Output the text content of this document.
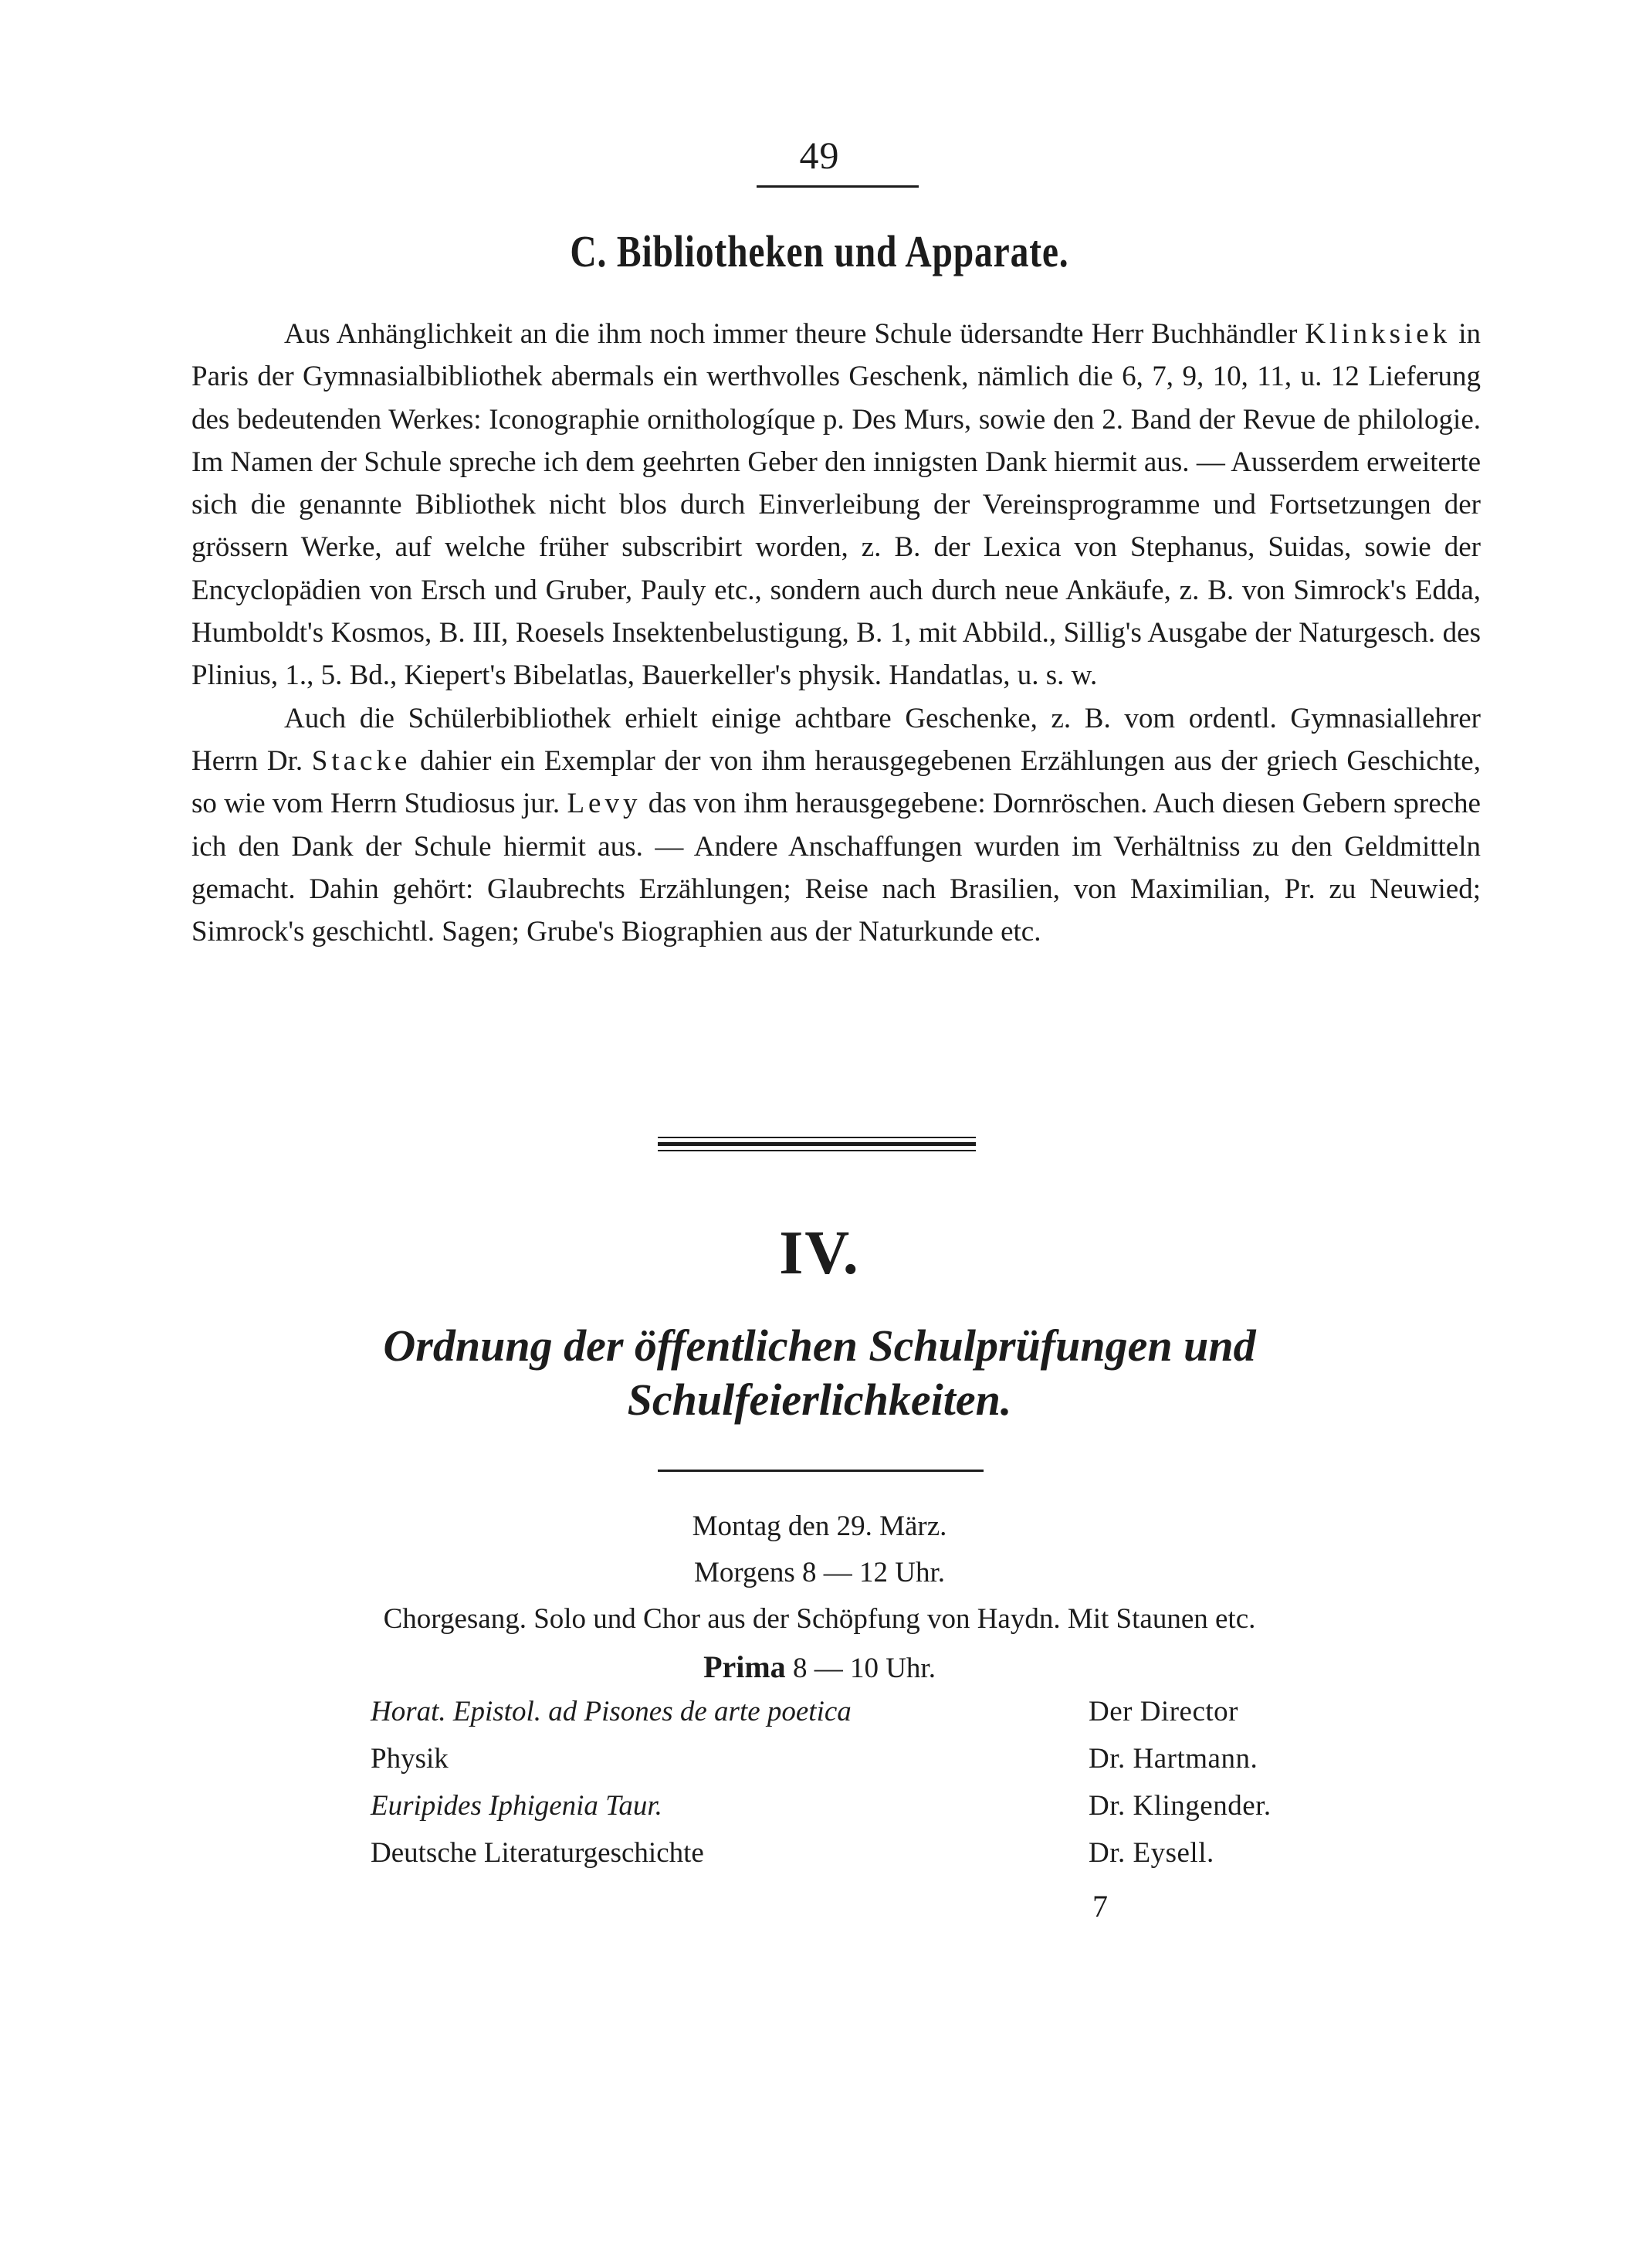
49
C. Bibliotheken und Apparate.

Aus Anhänglichkeit an die ihm noch immer theure Schule üdersandte Herr Buchhändler Klinksiek in Paris der Gymnasialbibliothek abermals ein werthvolles Geschenk, nämlich die 6, 7, 9, 10, 11, u. 12 Lieferung des bedeutenden Werkes: Iconographie ornithologíque p. Des Murs, sowie den 2. Band der Revue de philologie. Im Namen der Schule spreche ich dem geehrten Geber den innigsten Dank hiermit aus. — Ausserdem erweiterte sich die genannte Bibliothek nicht blos durch Einverleibung der Vereinsprogramme und Fortsetzungen der grössern Werke, auf welche früher subscribirt worden, z. B. der Lexica von Stephanus, Suidas, sowie der Encyclopädien von Ersch und Gruber, Pauly etc., sondern auch durch neue Ankäufe, z. B. von Simrock's Edda, Humboldt's Kosmos, B. III, Roesels Insektenbelustigung, B. 1, mit Abbild., Sillig's Ausgabe der Naturgesch. des Plinius, 1., 5. Bd., Kiepert's Bibelatlas, Bauerkeller's physik. Handatlas, u. s. w.

Auch die Schülerbibliothek erhielt einige achtbare Geschenke, z. B. vom ordentl. Gymnasiallehrer Herrn Dr. Stacke dahier ein Exemplar der von ihm herausgegebenen Erzählungen aus der griech Geschichte, so wie vom Herrn Studiosus jur. Levy das von ihm herausgegebene: Dornröschen. Auch diesen Gebern spreche ich den Dank der Schule hiermit aus. — Andere Anschaffungen wurden im Verhältniss zu den Geldmitteln gemacht. Dahin gehört: Glaubrechts Erzählungen; Reise nach Brasilien, von Maximilian, Pr. zu Neuwied; Simrock's geschichtl. Sagen; Grube's Biographien aus der Naturkunde etc.

IV.
Ordnung der öffentlichen Schulprüfungen und
Schulfeierlichkeiten.
Montag den 29. März.
Morgens 8 — 12 Uhr.
Chorgesang. Solo und Chor aus der Schöpfung von Haydn. Mit Staunen etc.
Prima 8 — 10 Uhr.
Horat. Epistol. ad Pisones de arte poetica	Der Director
Physik	Dr. Hartmann.
Euripides Iphigenia Taur.	Dr. Klingender.
Deutsche Literaturgeschichte	Dr. Eysell.
7
